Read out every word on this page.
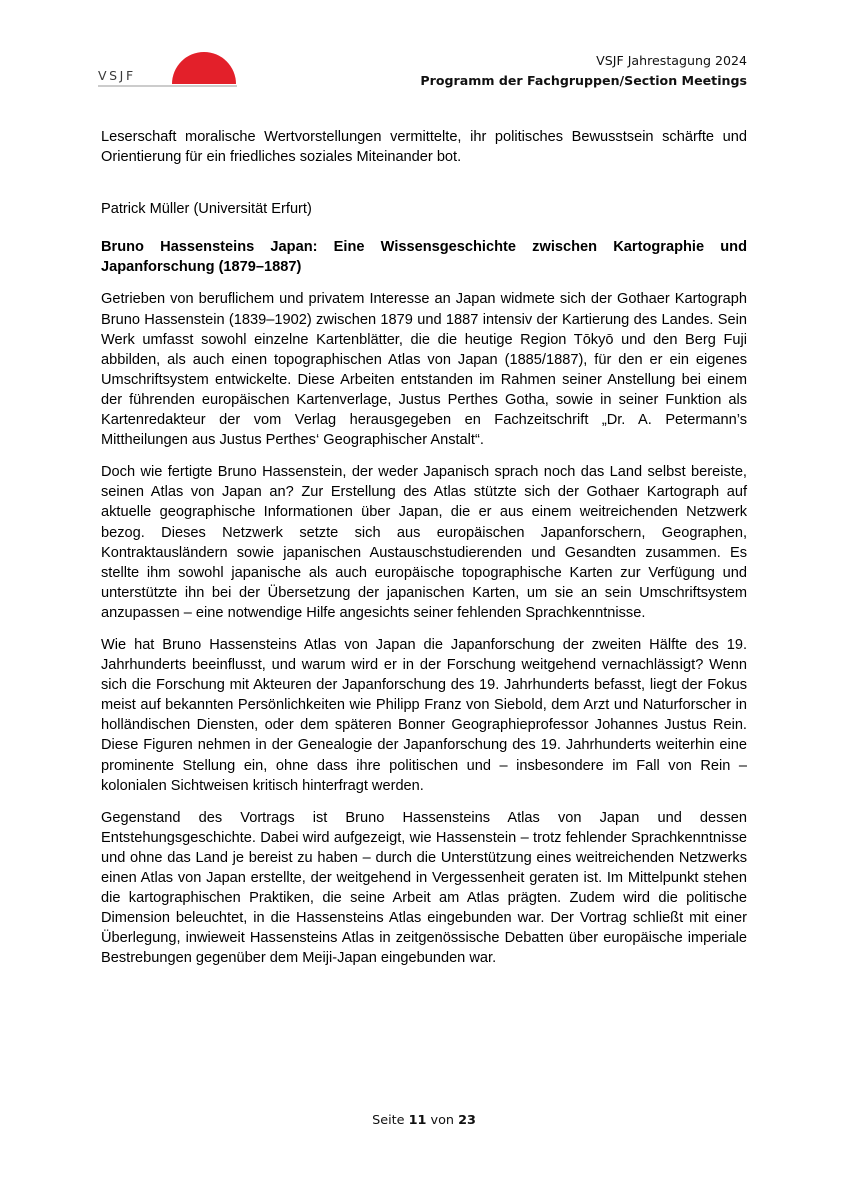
VSJF
VSJF Jahrestagung 2024
Programm der Fachgruppen/Section Meetings

Leserschaft moralische Wertvorstellungen vermittelte, ihr politisches Bewusstsein schärfte und Orientierung für ein friedliches soziales Miteinander bot.

Patrick Müller (Universität Erfurt)

Bruno Hassensteins Japan: Eine Wissensgeschichte zwischen Kartographie und Japanforschung (1879–1887)

Getrieben von beruflichem und privatem Interesse an Japan widmete sich der Gothaer Kartograph Bruno Hassenstein (1839–1902) zwischen 1879 und 1887 intensiv der Kartierung des Landes. Sein Werk umfasst sowohl einzelne Kartenblätter, die die heutige Region Tōkyō und den Berg Fuji abbilden, als auch einen topographischen Atlas von Japan (1885/1887), für den er ein eigenes Umschriftsystem entwickelte. Diese Arbeiten entstanden im Rahmen seiner Anstellung bei einem der führenden europäischen Kartenverlage, Justus Perthes Gotha, sowie in seiner Funktion als Kartenredakteur der vom Verlag herausgegeben en Fachzeitschrift „Dr. A. Petermann’s Mittheilungen aus Justus Perthes‘ Geographischer Anstalt“.

Doch wie fertigte Bruno Hassenstein, der weder Japanisch sprach noch das Land selbst bereiste, seinen Atlas von Japan an? Zur Erstellung des Atlas stützte sich der Gothaer Kartograph auf aktuelle geographische Informationen über Japan, die er aus einem weitreichenden Netzwerk bezog. Dieses Netzwerk setzte sich aus europäischen Japanforschern, Geographen, Kontraktausländern sowie japanischen Austauschstudierenden und Gesandten zusammen. Es stellte ihm sowohl japanische als auch europäische topographische Karten zur Verfügung und unterstützte ihn bei der Übersetzung der japanischen Karten, um sie an sein Umschriftsystem anzupassen – eine notwendige Hilfe angesichts seiner fehlenden Sprachkenntnisse.

Wie hat Bruno Hassensteins Atlas von Japan die Japanforschung der zweiten Hälfte des 19. Jahrhunderts beeinflusst, und warum wird er in der Forschung weitgehend vernachlässigt? Wenn sich die Forschung mit Akteuren der Japanforschung des 19. Jahrhunderts befasst, liegt der Fokus meist auf bekannten Persönlichkeiten wie Philipp Franz von Siebold, dem Arzt und Naturforscher in holländischen Diensten, oder dem späteren Bonner Geographieprofessor Johannes Justus Rein. Diese Figuren nehmen in der Genealogie der Japanforschung des 19. Jahrhunderts weiterhin eine prominente Stellung ein, ohne dass ihre politischen und – insbesondere im Fall von Rein – kolonialen Sichtweisen kritisch hinterfragt werden.

Gegenstand des Vortrags ist Bruno Hassensteins Atlas von Japan und dessen Entstehungsgeschichte. Dabei wird aufgezeigt, wie Hassenstein – trotz fehlender Sprachkenntnisse und ohne das Land je bereist zu haben – durch die Unterstützung eines weitreichenden Netzwerks einen Atlas von Japan erstellte, der weitgehend in Vergessenheit geraten ist. Im Mittelpunkt stehen die kartographischen Praktiken, die seine Arbeit am Atlas prägten. Zudem wird die politische Dimension beleuchtet, in die Hassensteins Atlas eingebunden war. Der Vortrag schließt mit einer Überlegung, inwieweit Hassensteins Atlas in zeitgenössische Debatten über europäische imperiale Bestrebungen gegenüber dem Meiji-Japan eingebunden war.

Seite 11 von 23
